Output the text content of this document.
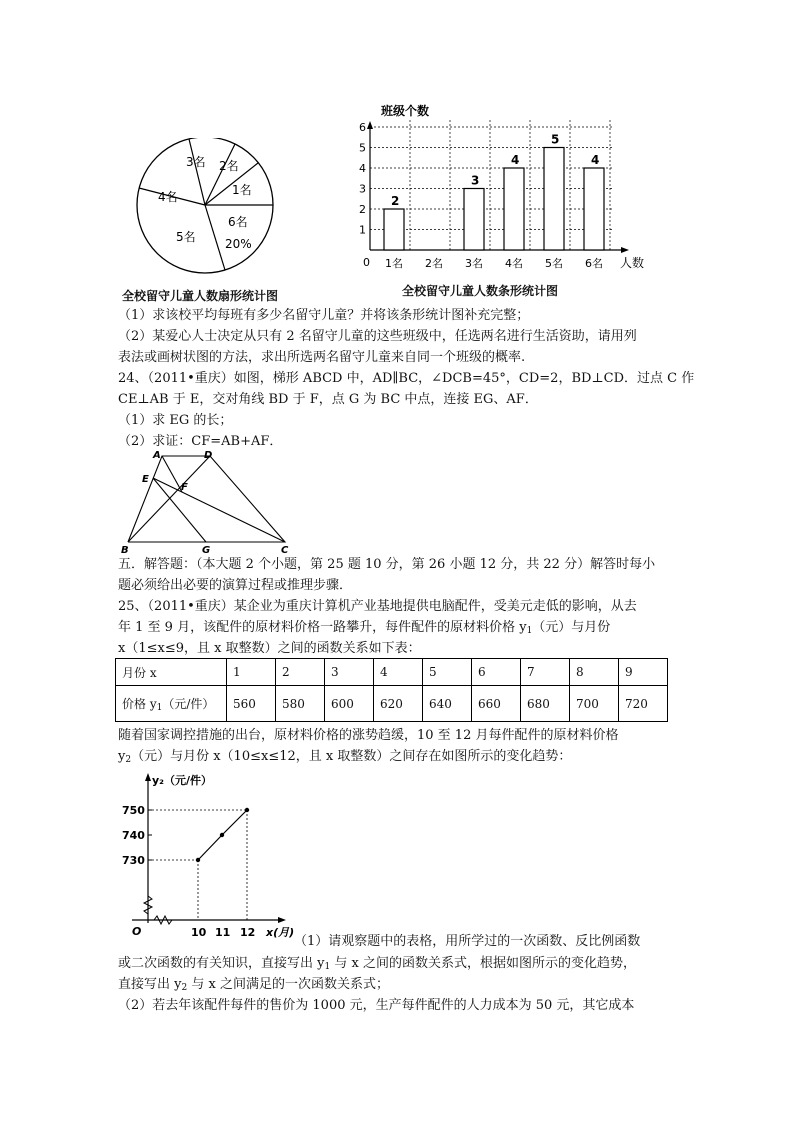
3名 2名
1名
4名
5名
6名
20%
全校留守儿童人数扇形统计图
班级个数
0	人数
1
2
3
4
5
6
2
3
4
5
4
1名 2名 3名 4名 5名 6名
全校留守儿童人数条形统计图
（1）求该校平均每班有多少名留守儿童？并将该条形统计图补充完整；
（2）某爱心人士决定从只有 2 名留守儿童的这些班级中，任选两名进行生活资助，请用列
表法或画树状图的方法，求出所选两名留守儿童来自同一个班级的概率.
24、（2011•重庆）如图，梯形 ABCD 中，AD∥BC，∠DCB=45°，CD=2，BD⊥CD．过点 C 作
CE⊥AB 于 E，交对角线 BD 于 F，点 G 为 BC 中点，连接 EG、AF．
（1）求 EG 的长；
（2）求证：CF=AB+AF．
A	D
E
F
B	G	C
五．解答题：（本大题 2 个小题，第 25 题 10 分，第 26 小题 12 分，共 22 分）解答时每小
题必须给出必要的演算过程或推理步骤．
25、（2011•重庆）某企业为重庆计算机产业基地提供电脑配件，受美元走低的影响，从去
年 1 至 9 月，该配件的原材料价格一路攀升，每件配件的原材料价格 $y_1$（元）与月份
x（1≤x≤9，且 x 取整数）之间的函数关系如下表：
月份 x	1	2	3	4	5	6	7	8	9
价格 $y_1$（元/件）	560	580	600	620	640	660	680	700	720
随着国家调控措施的出台，原材料价格的涨势趋缓，10 至 12 月每件配件的原材料价格
$y_2$（元）与月份 x（10≤x≤12，且 x 取整数）之间存在如图所示的变化趋势：
y₂（元/件）
730
740
750
10 11 12
O	x(月)
（1）请观察题中的表格，用所学过的一次函数、反比例函数
或二次函数的有关知识，直接写出 $y_1$ 与 x 之间的函数关系式，根据如图所示的变化趋势，
直接写出 $y_2$ 与 x 之间满足的一次函数关系式；
（2）若去年该配件每件的售价为 1000 元，生产每件配件的人力成本为 50 元，其它成本
